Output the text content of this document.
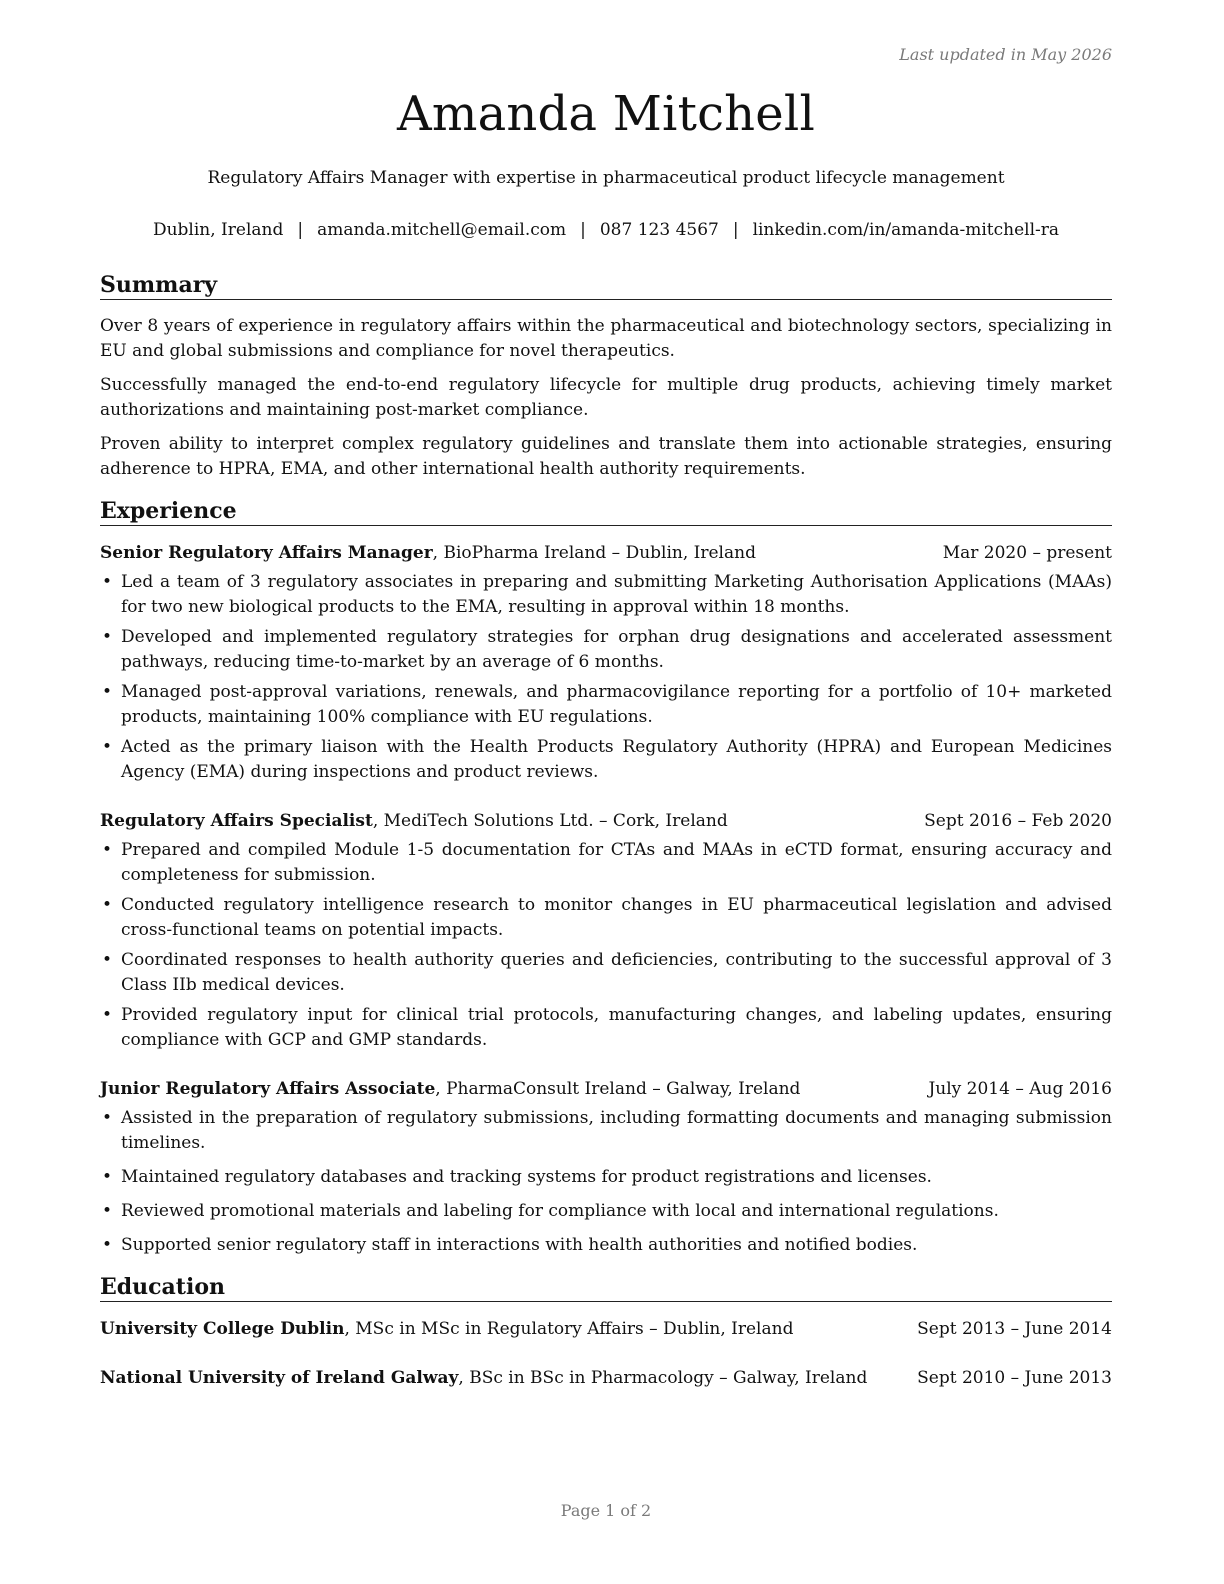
Last updated in May 2026
Amanda Mitchell
Regulatory Affairs Manager with expertise in pharmaceutical product lifecycle management
Dublin, Ireland | amanda.mitchell@email.com | 087 123 4567 | linkedin.com/in/amanda-mitchell-ra
Summary

Over 8 years of experience in regulatory affairs within the pharmaceutical and biotechnology sectors, specializing in EU and global submissions and compliance for novel therapeutics.

Successfully managed the end-to-end regulatory lifecycle for multiple drug products, achieving timely market authorizations and maintaining post-market compliance.

Proven ability to interpret complex regulatory guidelines and translate them into actionable strategies, ensuring adherence to HPRA, EMA, and other international health authority requirements.

Experience
Senior Regulatory Affairs Manager, BioPharma Ireland – Dublin, Ireland	Mar 2020 – present
• Led a team of 3 regulatory associates in preparing and submitting Marketing Authorisation Applications (MAAs) for two new biological products to the EMA, resulting in approval within 18 months.
• Developed and implemented regulatory strategies for orphan drug designations and accelerated assessment pathways, reducing time-to-market by an average of 6 months.
• Managed post-approval variations, renewals, and pharmacovigilance reporting for a portfolio of 10+ marketed products, maintaining 100% compliance with EU regulations.
• Acted as the primary liaison with the Health Products Regulatory Authority (HPRA) and European Medicines Agency (EMA) during inspections and product reviews.
Regulatory Affairs Specialist, MediTech Solutions Ltd. – Cork, Ireland	Sept 2016 – Feb 2020
• Prepared and compiled Module 1-5 documentation for CTAs and MAAs in eCTD format, ensuring accuracy and completeness for submission.
• Conducted regulatory intelligence research to monitor changes in EU pharmaceutical legislation and advised cross-functional teams on potential impacts.
• Coordinated responses to health authority queries and deficiencies, contributing to the successful approval of 3 Class IIb medical devices.
• Provided regulatory input for clinical trial protocols, manufacturing changes, and labeling updates, ensuring compliance with GCP and GMP standards.
Junior Regulatory Affairs Associate, PharmaConsult Ireland – Galway, Ireland	July 2014 – Aug 2016
• Assisted in the preparation of regulatory submissions, including formatting documents and managing submission timelines.
• Maintained regulatory databases and tracking systems for product registrations and licenses.
• Reviewed promotional materials and labeling for compliance with local and international regulations.
• Supported senior regulatory staff in interactions with health authorities and notified bodies.
Education
University College Dublin, MSc in MSc in Regulatory Affairs – Dublin, Ireland	Sept 2013 – June 2014
National University of Ireland Galway, BSc in BSc in Pharmacology – Galway, Ireland	Sept 2010 – June 2013
Page 1 of 2
